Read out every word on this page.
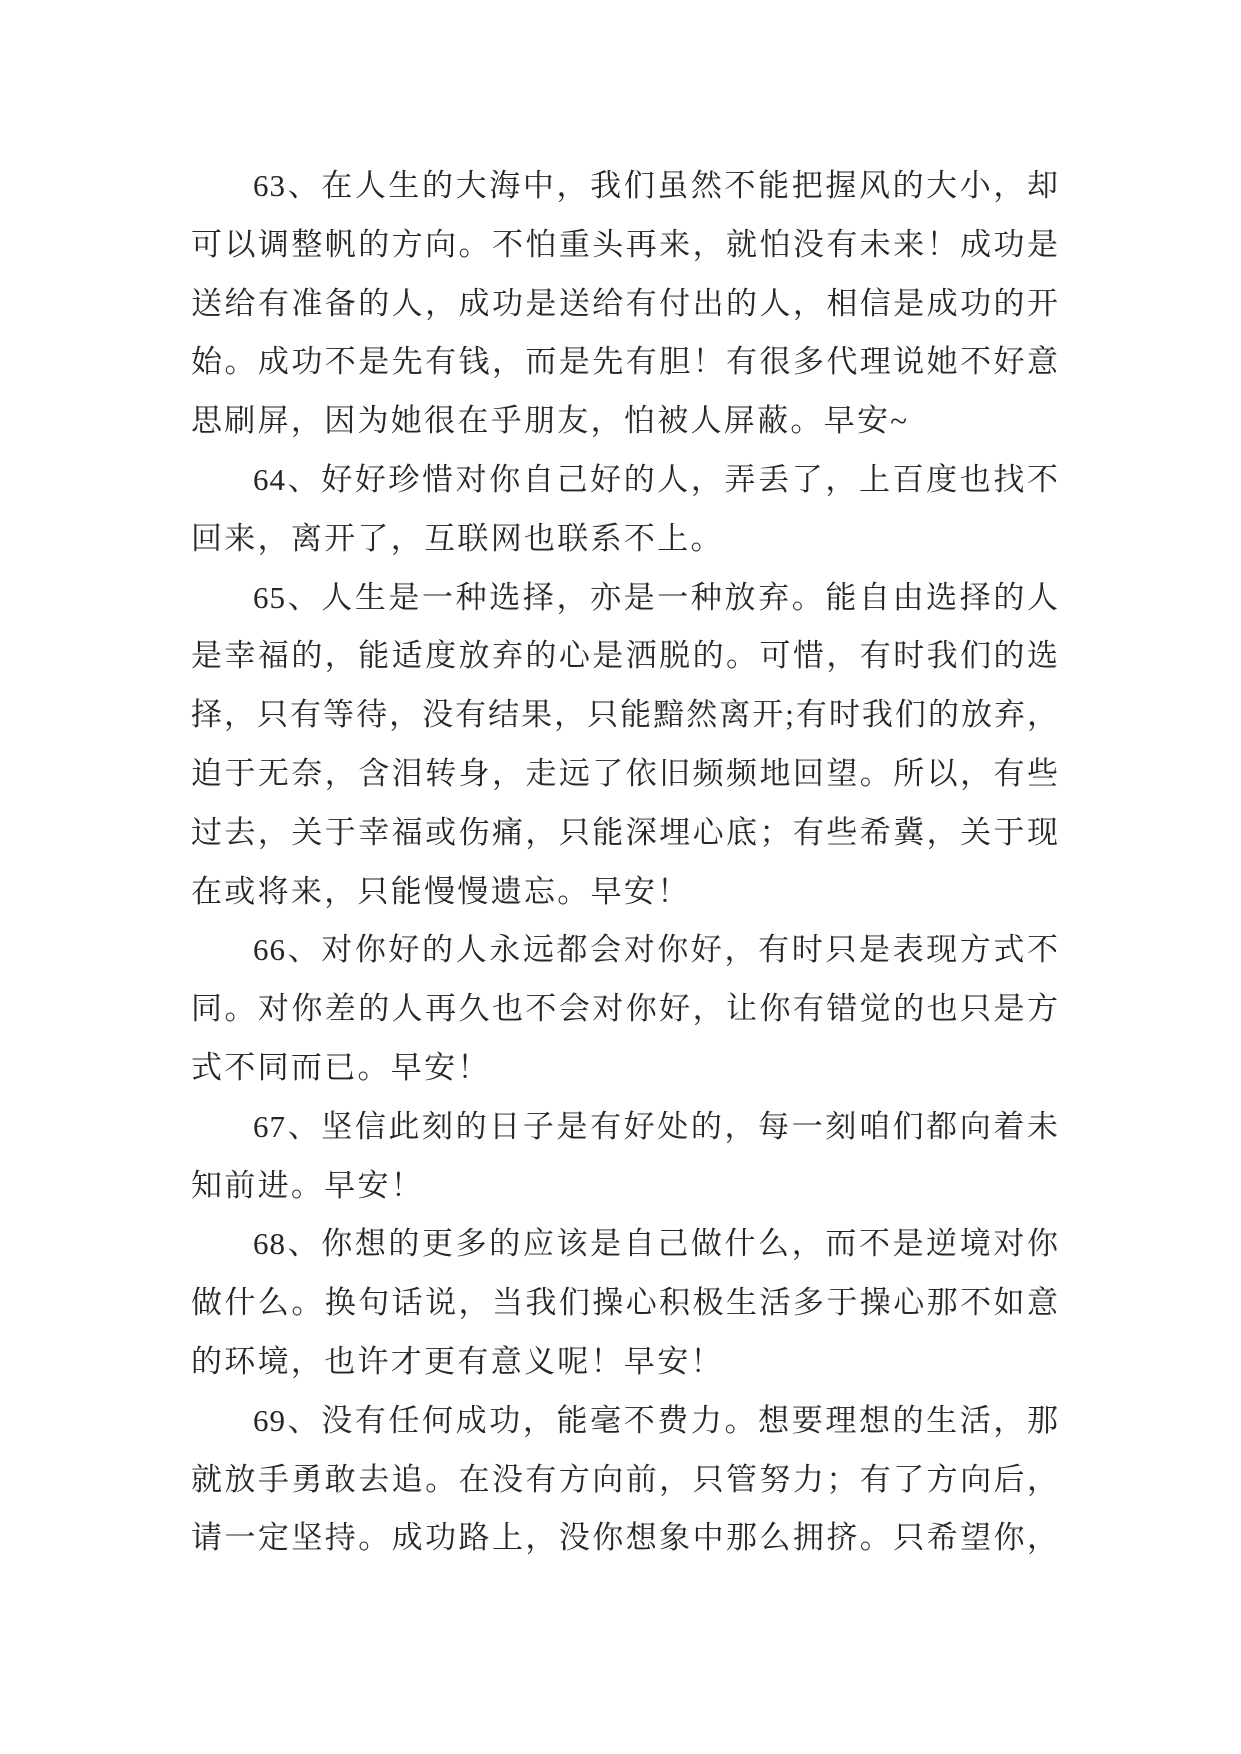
63、在人生的大海中，我们虽然不能把握风的大小，却
可以调整帆的方向。不怕重头再来，就怕没有未来！成功是
送给有准备的人，成功是送给有付出的人，相信是成功的开
始。成功不是先有钱，而是先有胆！有很多代理说她不好意
思刷屏，因为她很在乎朋友，怕被人屏蔽。早安~
64、好好珍惜对你自己好的人，弄丢了，上百度也找不
回来，离开了，互联网也联系不上。
65、人生是一种选择，亦是一种放弃。能自由选择的人
是幸福的，能适度放弃的心是洒脱的。可惜，有时我们的选
择，只有等待，没有结果，只能黯然离开;有时我们的放弃，
迫于无奈，含泪转身，走远了依旧频频地回望。所以，有些
过去，关于幸福或伤痛，只能深埋心底；有些希冀，关于现
在或将来，只能慢慢遗忘。早安！
66、对你好的人永远都会对你好，有时只是表现方式不
同。对你差的人再久也不会对你好，让你有错觉的也只是方
式不同而已。早安！
67、坚信此刻的日子是有好处的，每一刻咱们都向着未
知前进。早安！
68、你想的更多的应该是自己做什么，而不是逆境对你
做什么。换句话说，当我们操心积极生活多于操心那不如意
的环境，也许才更有意义呢！早安！
69、没有任何成功，能毫不费力。想要理想的生活，那
就放手勇敢去追。在没有方向前，只管努力；有了方向后，
请一定坚持。成功路上，没你想象中那么拥挤。只希望你，
